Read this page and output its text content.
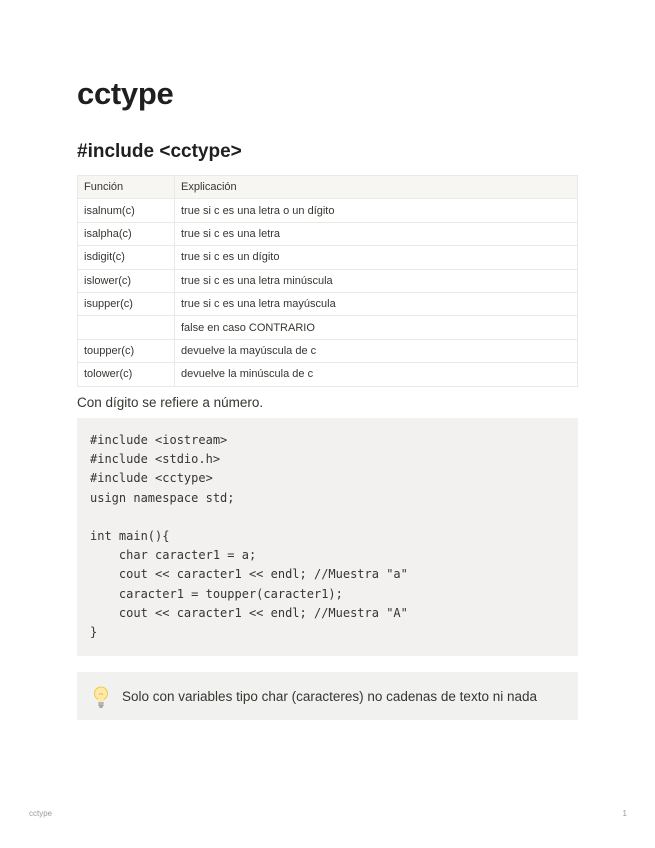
cctype
#include <cctype>
Función	Explicación
isalnum(c)	true si c es una letra o un dígito
isalpha(c)	true si c es una letra
isdigit(c)	true si c es un dígito
islower(c)	true si c es una letra minúscula
isupper(c)	true si c es una letra mayúscula
	false en caso CONTRARIO
toupper(c)	devuelve la mayúscula de c
tolower(c)	devuelve la minúscula de c
Con dígito se refiere a número.
#include <iostream>
#include <stdio.h>
#include <cctype>
usign namespace std;

int main(){
char caracter1 = a;
cout << caracter1 << endl; //Muestra "a"
caracter1 = toupper(caracter1);
cout << caracter1 << endl; //Muestra "A"
}
Solo con variables tipo char (caracteres) no cadenas de texto ni nada
cctype	1
